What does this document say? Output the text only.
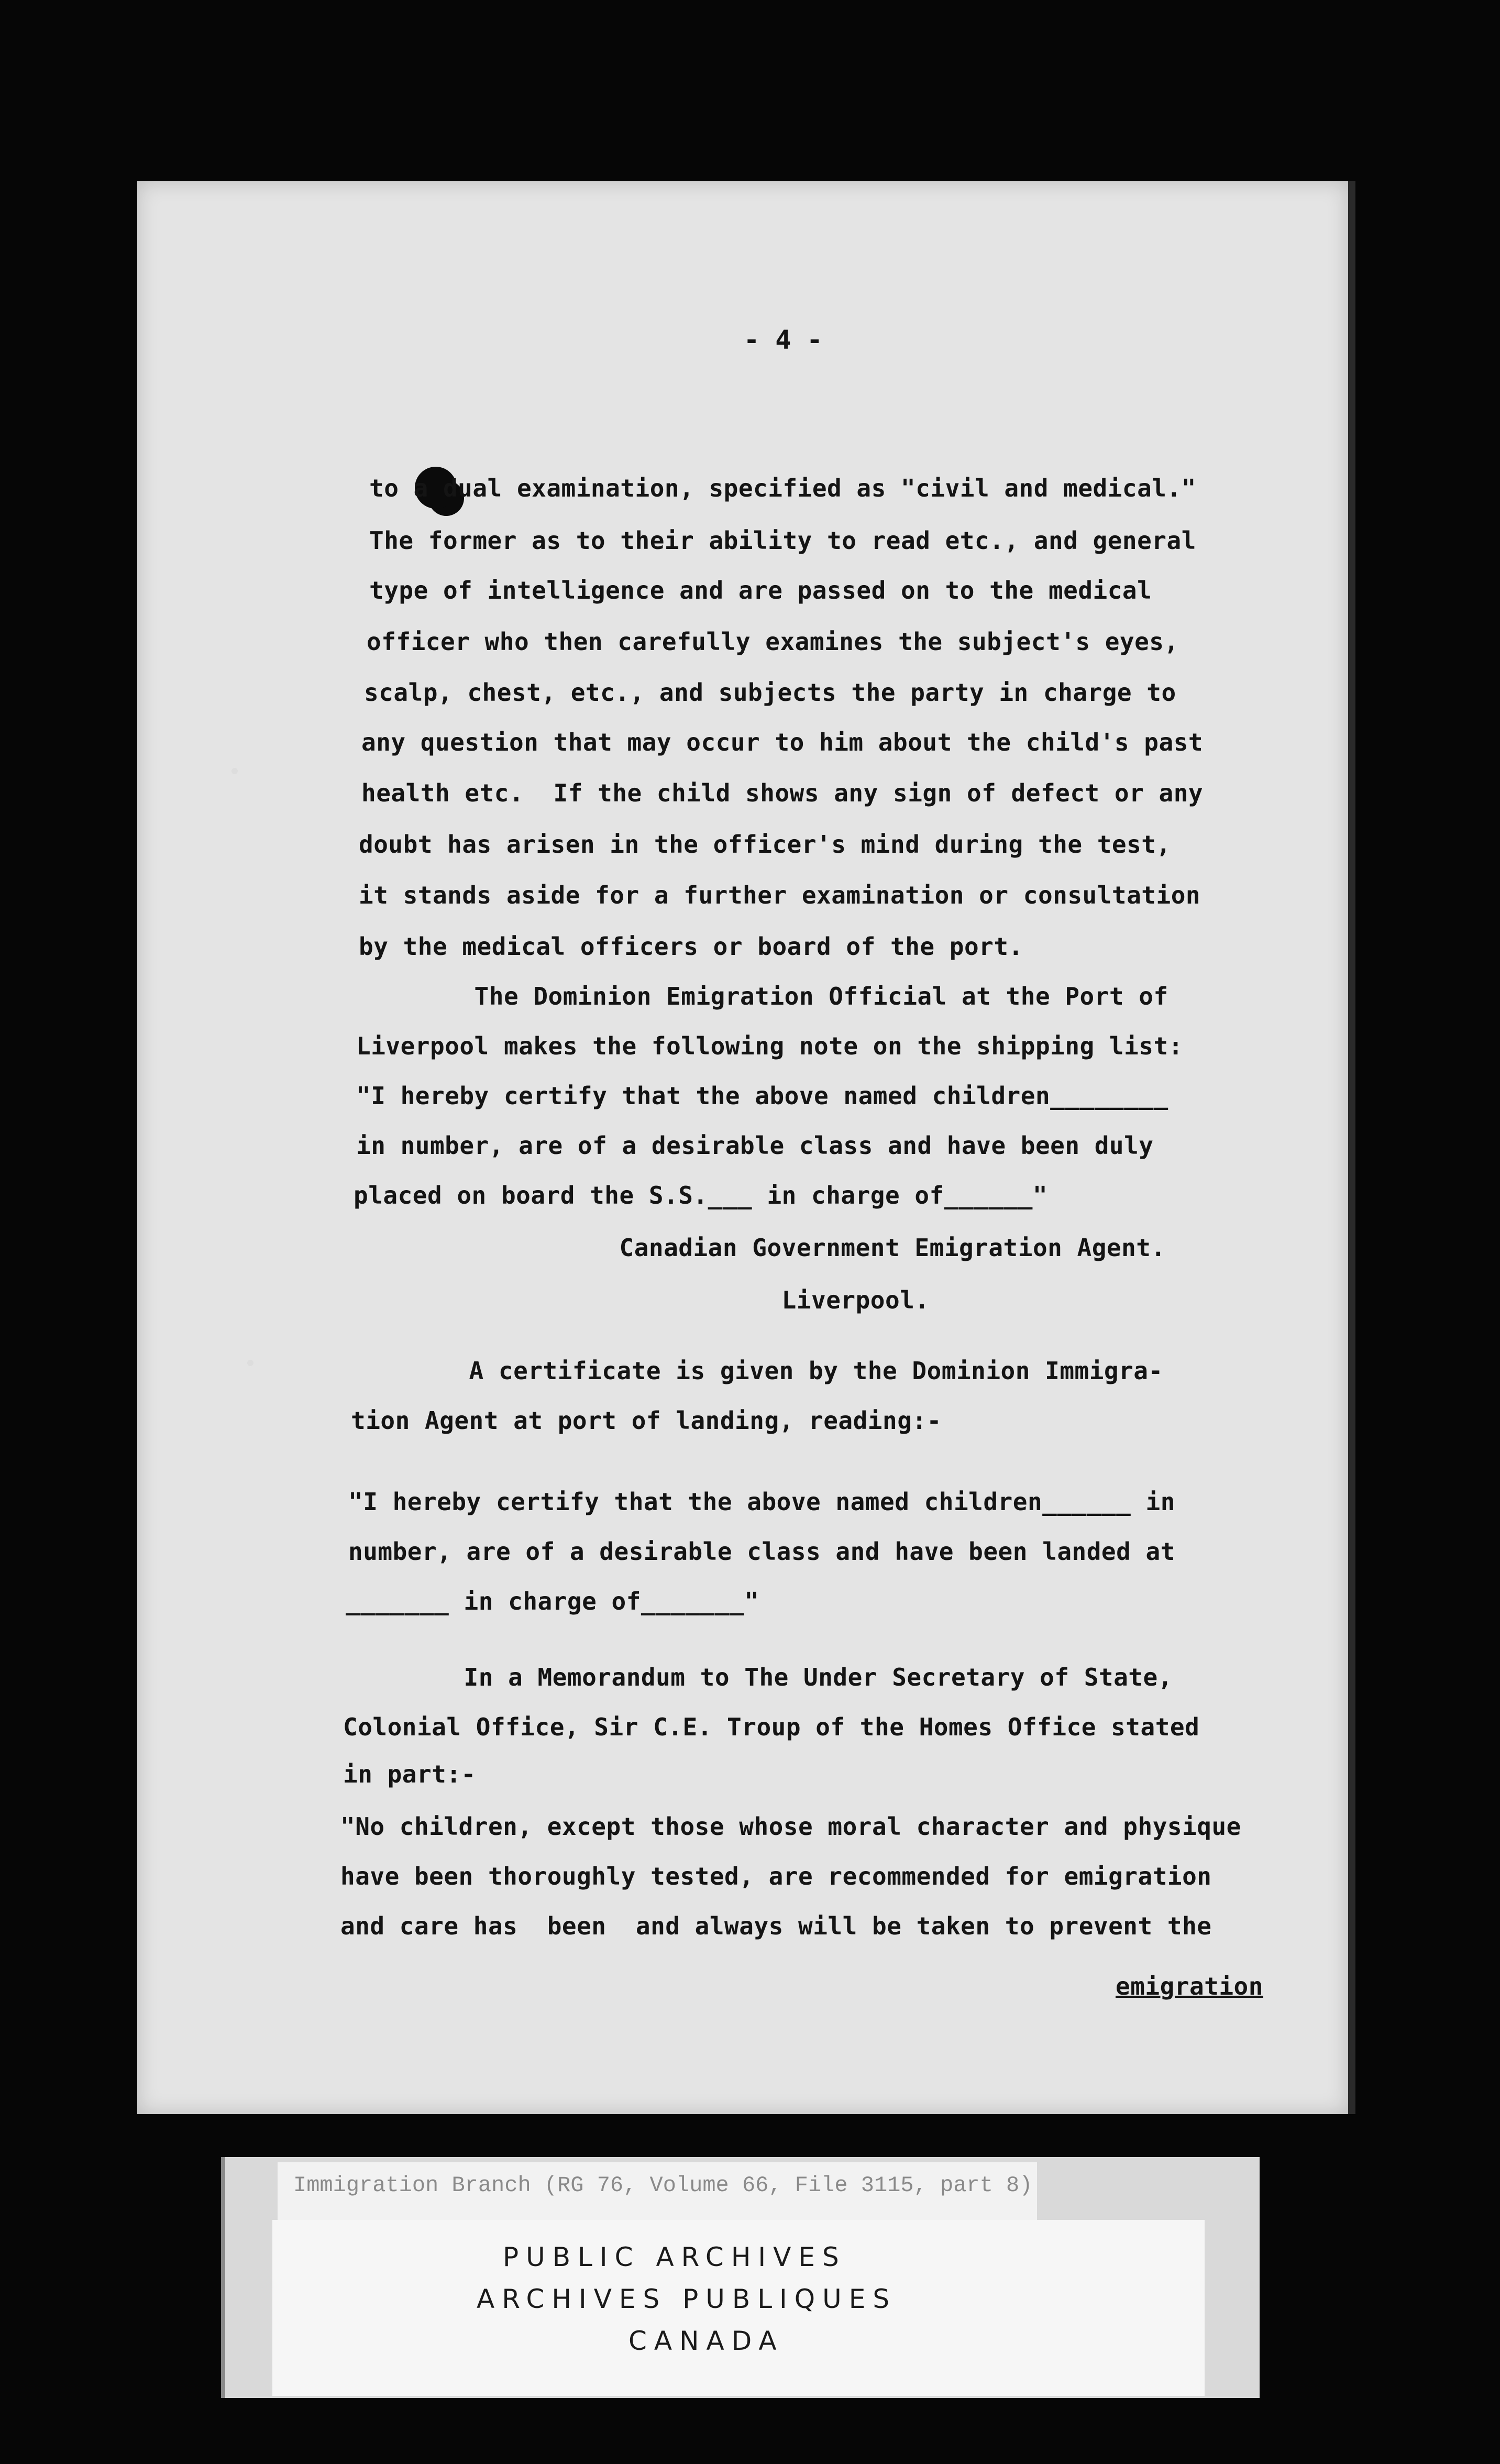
- 4 -
to a dual examination, specified as "civil and medical."
The former as to their ability to read etc., and general
type of intelligence and are passed on to the medical
officer who then carefully examines the subject's eyes,
scalp, chest, etc., and subjects the party in charge to
any question that may occur to him about the child's past
health etc.  If the child shows any sign of defect or any
doubt has arisen in the officer's mind during the test,
it stands aside for a further examination or consultation
by the medical officers or board of the port.
The Dominion Emigration Official at the Port of
Liverpool makes the following note on the shipping list:
"I hereby certify that the above named children________
in number, are of a desirable class and have been duly
placed on board the S.S.___ in charge of______"
Canadian Government Emigration Agent.
Liverpool.
A certificate is given by the Dominion Immigra-
tion Agent at port of landing, reading:-
"I hereby certify that the above named children______ in
number, are of a desirable class and have been landed at
_______ in charge of_______"
In a Memorandum to The Under Secretary of State,
Colonial Office, Sir C.E. Troup of the Homes Office stated
in part:-
"No children, except those whose moral character and physique
have been thoroughly tested, are recommended for emigration
and care has  been  and always will be taken to prevent the
emigration
Immigration Branch (RG 76, Volume 66, File 3115, part 8)
PUBLIC ARCHIVES
ARCHIVES PUBLIQUES
CANADA
